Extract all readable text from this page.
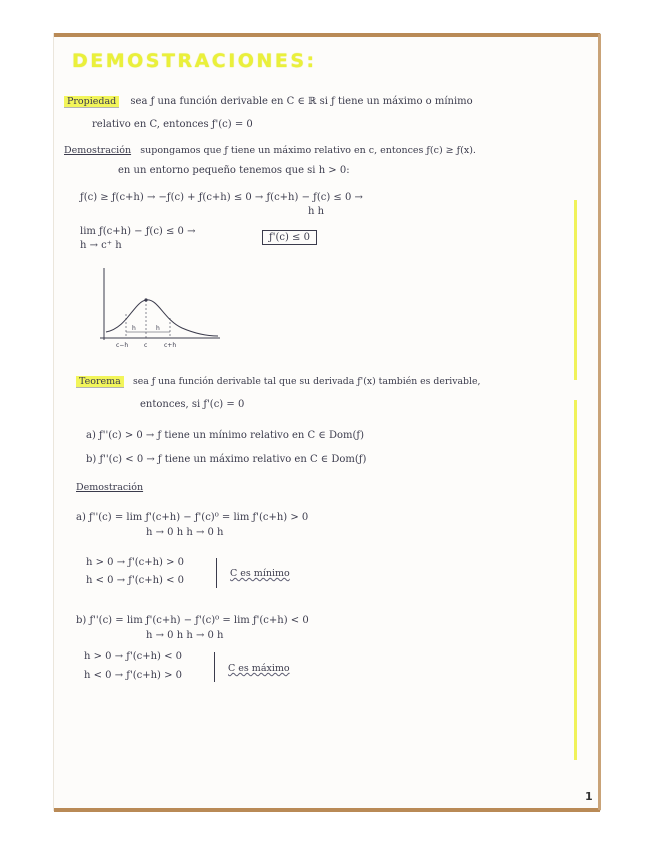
DEMOSTRACIONES:
Propiedad sea ƒ una función derivable en C ∈ ℝ si ƒ tiene un máximo o mínimo
relativo en C, entonces ƒ'(c) = 0
Demostración supongamos que ƒ tiene un máximo relativo en c, entonces ƒ(c) ≥ ƒ(x).
en un entorno pequeño tenemos que si h > 0:
ƒ(c) ≥ ƒ(c+h) → −ƒ(c) + ƒ(c+h) ≤ 0 → ƒ(c+h) − ƒ(c) ≤ 0 →
h h
lim ƒ(c+h) − ƒ(c) ≤ 0 →
h → c⁺ h
ƒ'(c) ≤ 0
h	h
c−h	c	c+h
Teorema sea ƒ una función derivable tal que su derivada ƒ'(x) también es derivable,
entonces, si ƒ'(c) = 0
a) ƒ''(c) > 0 → ƒ tiene un mínimo relativo en C ∈ Dom(ƒ)
b) ƒ''(c) < 0 → ƒ tiene un máximo relativo en C ∈ Dom(ƒ)
Demostración
a) ƒ''(c) = lim ƒ'(c+h) − ƒ'(c)⁰ = lim ƒ'(c+h) > 0
h → 0 h h → 0 h
h > 0 → ƒ'(c+h) > 0
h < 0 → ƒ'(c+h) < 0
C es mínimo
b) ƒ''(c) = lim ƒ'(c+h) − ƒ'(c)⁰ = lim ƒ'(c+h) < 0
h → 0 h h → 0 h
h > 0 → ƒ'(c+h) < 0
h < 0 → ƒ'(c+h) > 0
C es máximo
1
